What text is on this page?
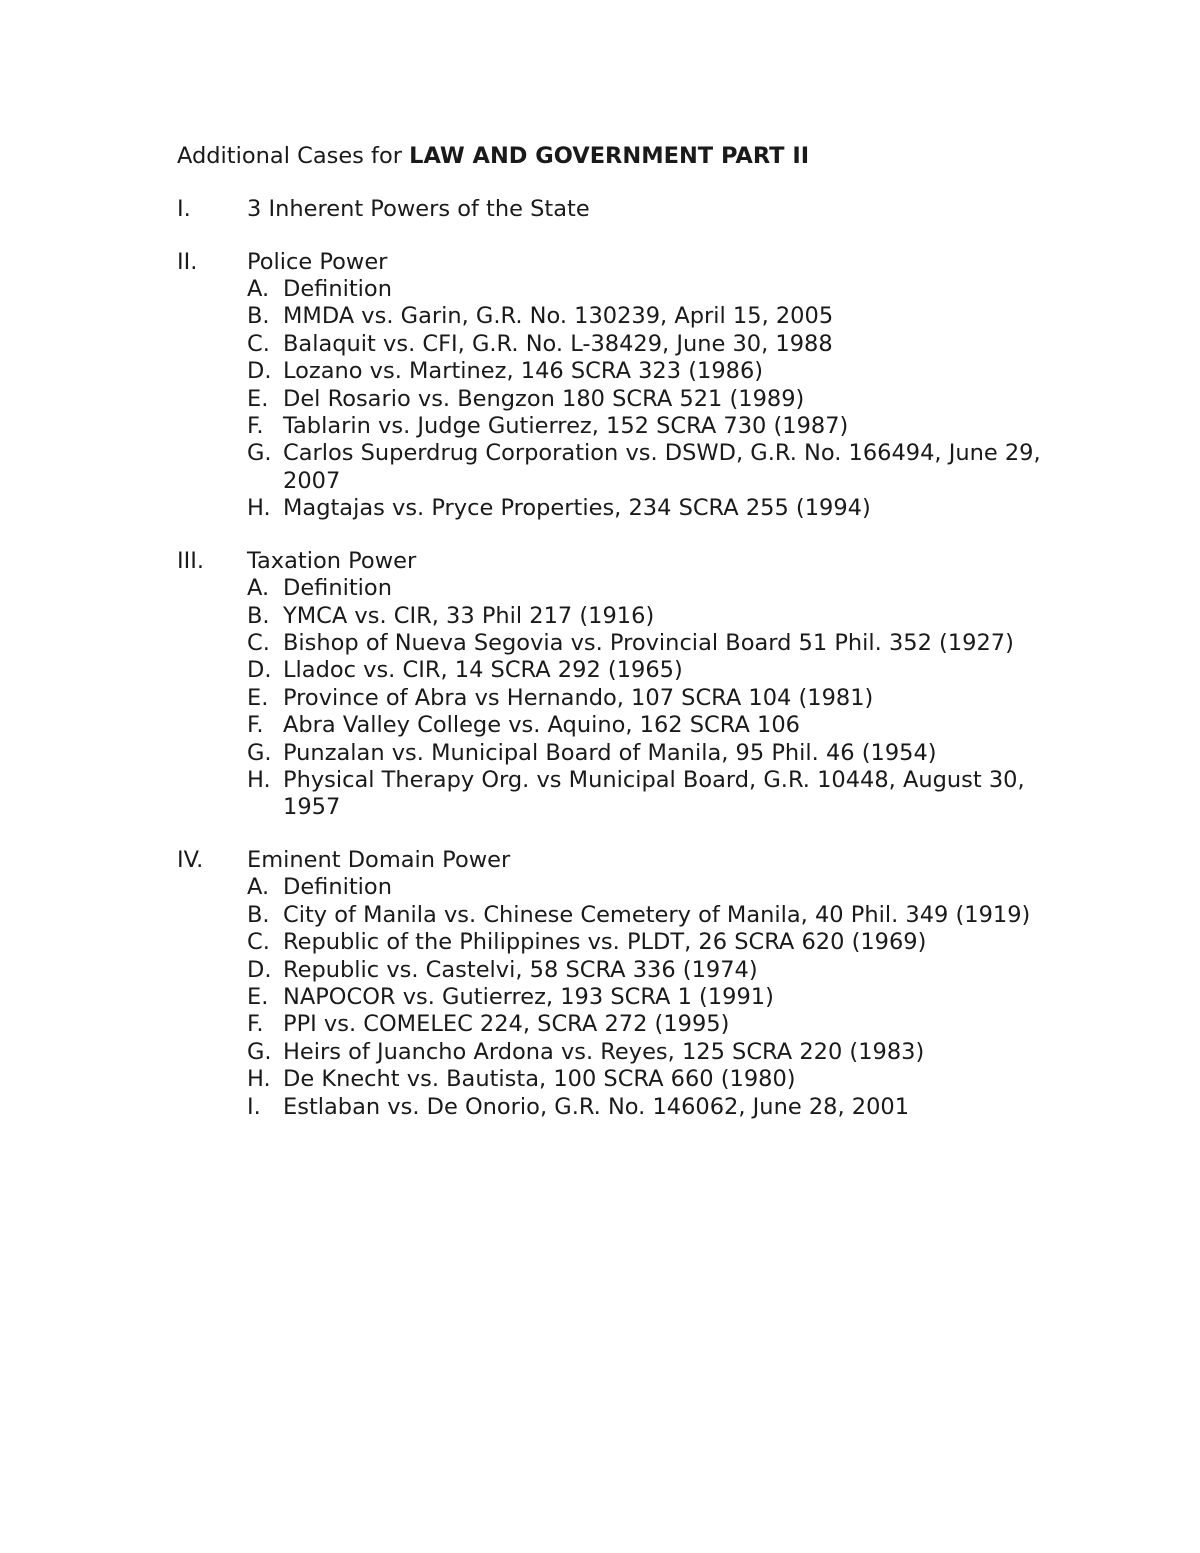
Additional Cases for LAW AND GOVERNMENT PART II
I.	3 Inherent Powers of the State
II.	Police Power
A. Definition
B. MMDA vs. Garin, G.R. No. 130239, April 15, 2005
C. Balaquit vs. CFI, G.R. No. L-38429, June 30, 1988
D. Lozano vs. Martinez, 146 SCRA 323 (1986)
E. Del Rosario vs. Bengzon 180 SCRA 521 (1989)
F. Tablarin vs. Judge Gutierrez, 152 SCRA 730 (1987)
G. Carlos Superdrug Corporation vs. DSWD, G.R. No. 166494, June 29, 2007
H. Magtajas vs. Pryce Properties, 234 SCRA 255 (1994)
III.	Taxation Power
A. Definition
B. YMCA vs. CIR, 33 Phil 217 (1916)
C. Bishop of Nueva Segovia vs. Provincial Board 51 Phil. 352 (1927)
D. Lladoc vs. CIR, 14 SCRA 292 (1965)
E. Province of Abra vs Hernando, 107 SCRA 104 (1981)
F. Abra Valley College vs. Aquino, 162 SCRA 106
G. Punzalan vs. Municipal Board of Manila, 95 Phil. 46 (1954)
H. Physical Therapy Org. vs Municipal Board, G.R. 10448, August 30, 1957
IV.	Eminent Domain Power
A. Definition
B. City of Manila vs. Chinese Cemetery of Manila, 40 Phil. 349 (1919)
C. Republic of the Philippines vs. PLDT, 26 SCRA 620 (1969)
D. Republic vs. Castelvi, 58 SCRA 336 (1974)
E. NAPOCOR vs. Gutierrez, 193 SCRA 1 (1991)
F. PPI vs. COMELEC 224, SCRA 272 (1995)
G. Heirs of Juancho Ardona vs. Reyes, 125 SCRA 220 (1983)
H. De Knecht vs. Bautista, 100 SCRA 660 (1980)
I. Estlaban vs. De Onorio, G.R. No. 146062, June 28, 2001
